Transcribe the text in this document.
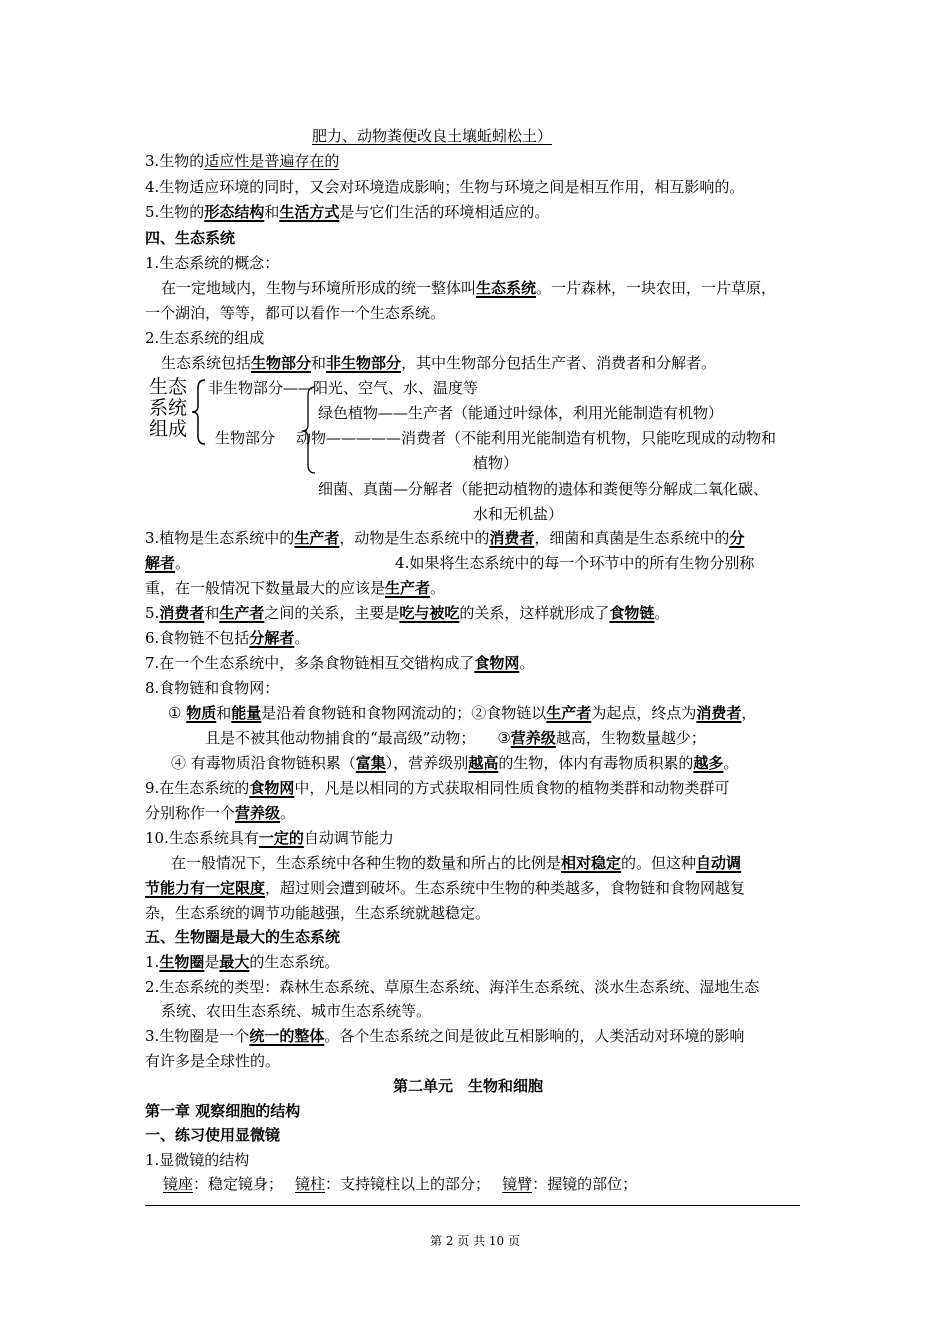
肥力、动物粪便改良土壤蚯蚓松土）
3.生物的适应性是普遍存在的
4.生物适应环境的同时，又会对环境造成影响；生物与环境之间是相互作用，相互影响的。
5.生物的形态结构和生活方式是与它们生活的环境相适应的。
四、生态系统
1.生态系统的概念：
在一定地域内，生物与环境所形成的统一整体叫生态系统。一片森林，一块农田，一片草原，
一个湖泊，等等，都可以看作一个生态系统。
2.生态系统的组成
生态系统包括生物部分和非生物部分，其中生物部分包括生产者、消费者和分解者。
生态
系统
组成
非生物部分——阳光、空气、水、温度等
绿色植物——生产者（能通过叶绿体，利用光能制造有机物）
生物部分 动物—————消费者（不能利用光能制造有机物，只能吃现成的动物和
植物）
细菌、真菌—分解者（能把动植物的遗体和粪便等分解成二氧化碳、
水和无机盐）
3.植物是生态系统中的生产者，动物是生态系统中的消费者，细菌和真菌是生态系统中的分
解者。	4.如果将生态系统中的每一个环节中的所有生物分别称
重，在一般情况下数量最大的应该是生产者。
5.消费者和生产者之间的关系，主要是吃与被吃的关系，这样就形成了食物链。
6.食物链不包括分解者。
7.在一个生态系统中，多条食物链相互交错构成了食物网。
8.食物链和食物网：
① 物质和能量是沿着食物链和食物网流动的；②食物链以生产者为起点，终点为消费者，
且是不被其他动物捕食的“最高级”动物； ③营养级越高，生物数量越少；
④ 有毒物质沿食物链积累（富集），营养级别越高的生物，体内有毒物质积累的越多。
9.在生态系统的食物网中，凡是以相同的方式获取相同性质食物的植物类群和动物类群可
分别称作一个营养级。
10.生态系统具有一定的自动调节能力
在一般情况下，生态系统中各种生物的数量和所占的比例是相对稳定的。但这种自动调
节能力有一定限度，超过则会遭到破坏。生态系统中生物的种类越多，食物链和食物网越复
杂，生态系统的调节功能越强，生态系统就越稳定。
五、生物圈是最大的生态系统
1.生物圈是最大的生态系统。
2.生态系统的类型：森林生态系统、草原生态系统、海洋生态系统、淡水生态系统、湿地生态
系统、农田生态系统、城市生态系统等。
3.生物圈是一个统一的整体。各个生态系统之间是彼此互相影响的，人类活动对环境的影响
有许多是全球性的。
第二单元　生物和细胞
第一章 观察细胞的结构
一、练习使用显微镜
1.显微镜的结构
镜座：稳定镜身； 镜柱：支持镜柱以上的部分； 镜臂：握镜的部位；
第 2 页 共 10 页
